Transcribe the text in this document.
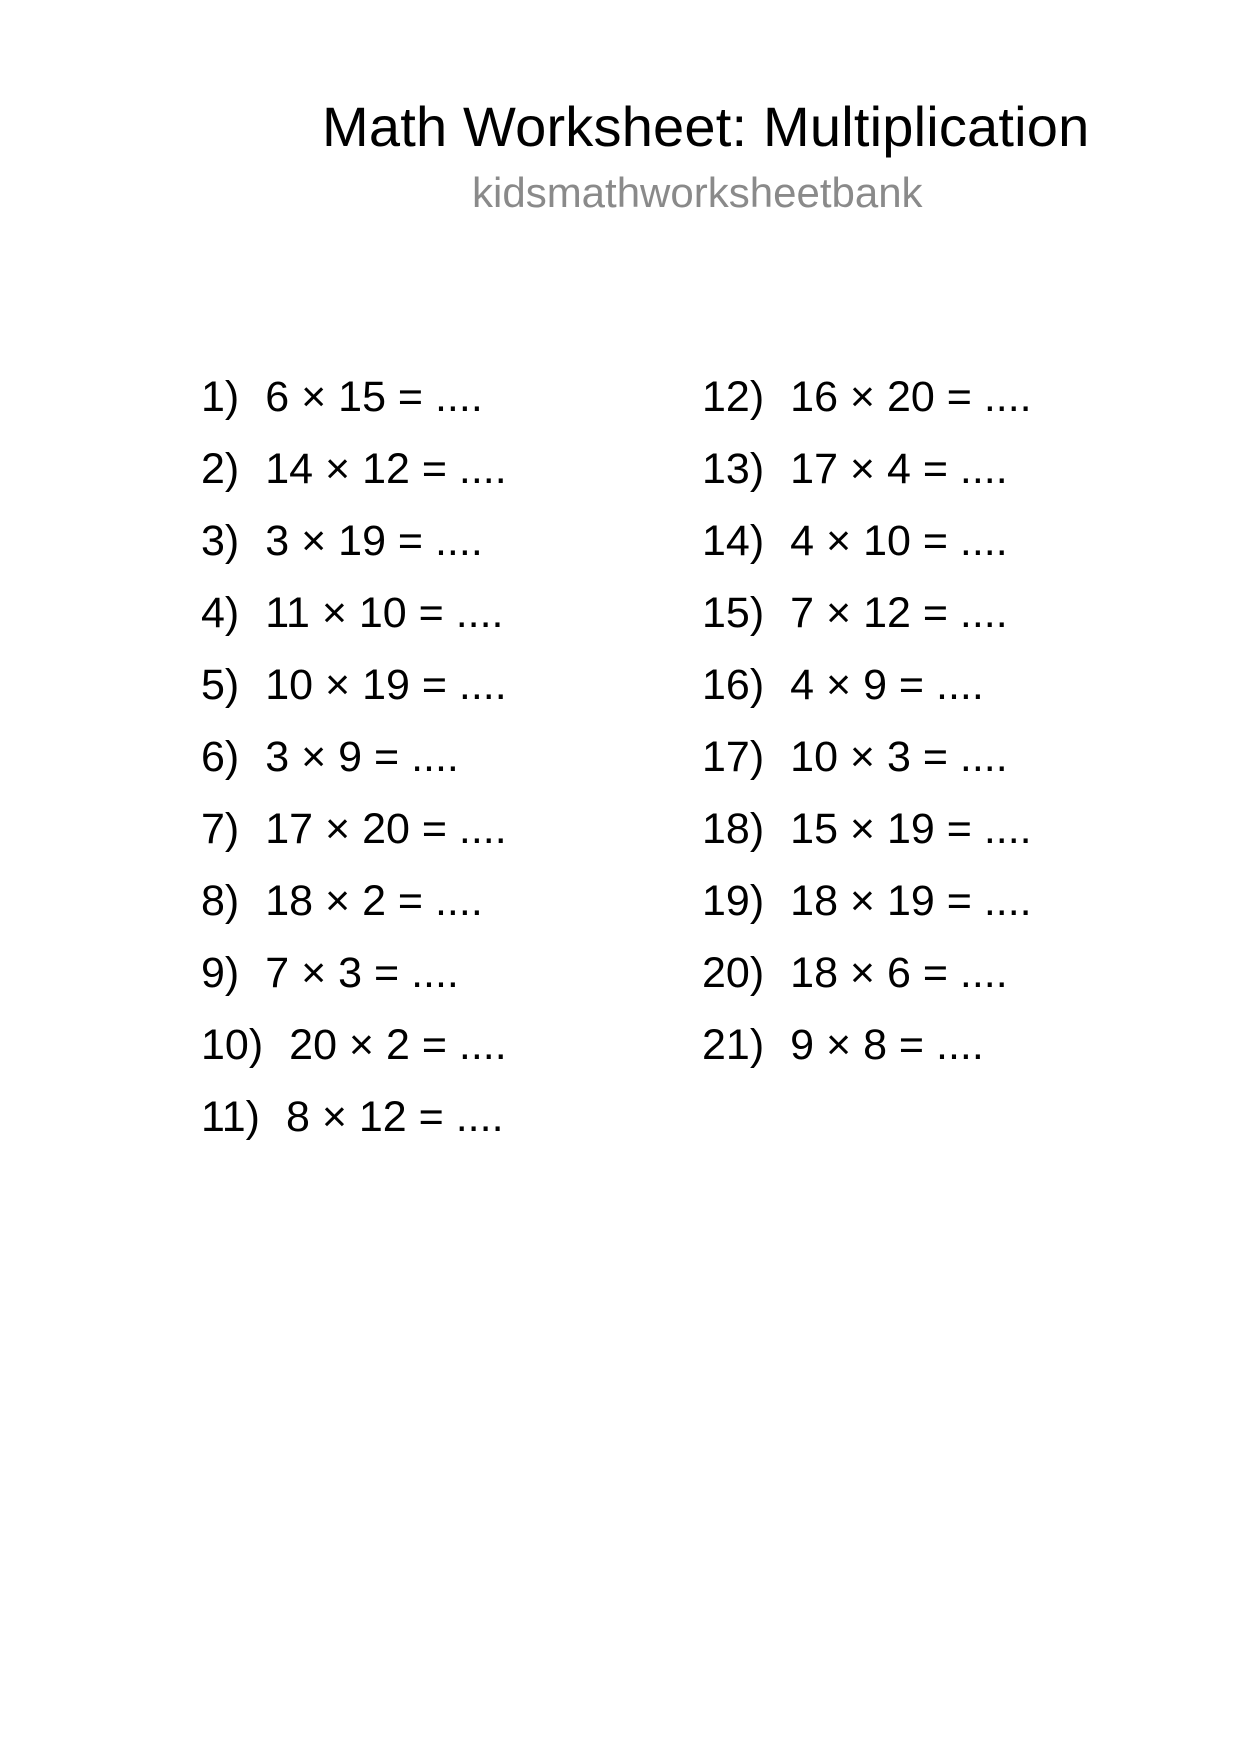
Math Worksheet: Multiplication
kidsmathworksheetbank
1) 6 × 15 = ....
2) 14 × 12 = ....
3) 3 × 19 = ....
4) 11 × 10 = ....
5) 10 × 19 = ....
6) 3 × 9 = ....
7) 17 × 20 = ....
8) 18 × 2 = ....
9) 7 × 3 = ....
10) 20 × 2 = ....
11) 8 × 12 = ....
12) 16 × 20 = ....
13) 17 × 4 = ....
14) 4 × 10 = ....
15) 7 × 12 = ....
16) 4 × 9 = ....
17) 10 × 3 = ....
18) 15 × 19 = ....
19) 18 × 19 = ....
20) 18 × 6 = ....
21) 9 × 8 = ....
